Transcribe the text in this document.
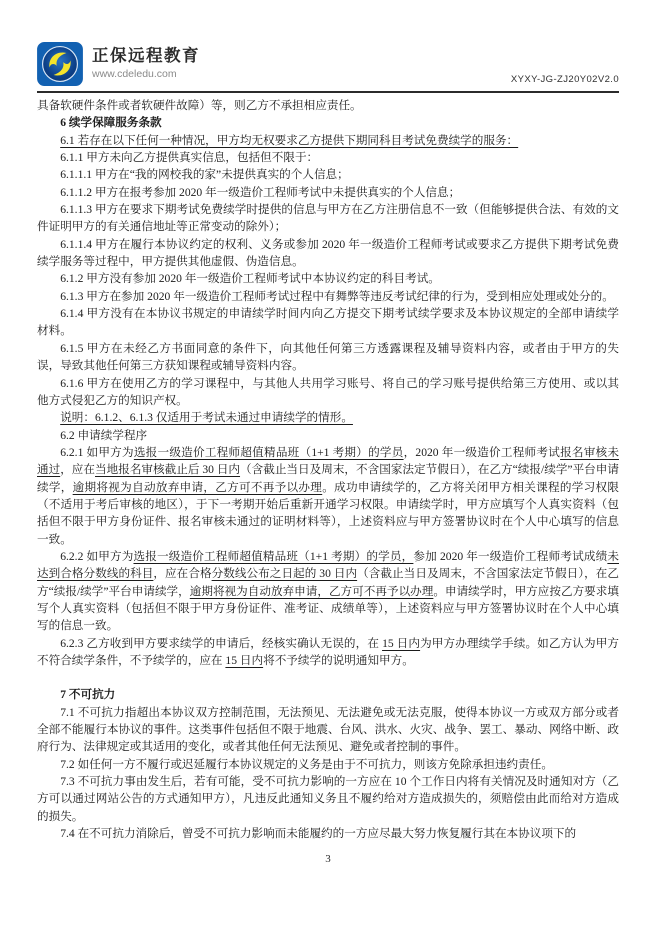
正保远程教育
www.cdeledu.com	XYXY-JG-ZJ20Y02V2.0

具备软硬件条件或者软硬件故障）等，则乙方不承担相应责任。

6 续学保障服务条款

6.1 若存在以下任何一种情况，甲方均无权要求乙方提供下期同科目考试免费续学的服务：

6.1.1 甲方未向乙方提供真实信息，包括但不限于：

6.1.1.1 甲方在“我的网校我的家”未提供真实的个人信息；

6.1.1.2 甲方在报考参加 2020 年一级造价工程师考试中未提供真实的个人信息；

6.1.1.3 甲方在要求下期考试免费续学时提供的信息与甲方在乙方注册信息不一致（但能够提供合法、有效的文件证明甲方的有关通信地址等正常变动的除外）；

6.1.1.4 甲方在履行本协议约定的权利、义务或参加 2020 年一级造价工程师考试或要求乙方提供下期考试免费续学服务等过程中，甲方提供其他虚假、伪造信息。

6.1.2 甲方没有参加 2020 年一级造价工程师考试中本协议约定的科目考试。

6.1.3 甲方在参加 2020 年一级造价工程师考试过程中有舞弊等违反考试纪律的行为，受到相应处理或处分的。

6.1.4 甲方没有在本协议书规定的申请续学时间内向乙方提交下期考试续学要求及本协议规定的全部申请续学材料。

6.1.5 甲方在未经乙方书面同意的条件下，向其他任何第三方透露课程及辅导资料内容，或者由于甲方的失误，导致其他任何第三方获知课程或辅导资料内容。

6.1.6 甲方在使用乙方的学习课程中，与其他人共用学习账号、将自己的学习账号提供给第三方使用、或以其他方式侵犯乙方的知识产权。

说明：6.1.2、6.1.3 仅适用于考试未通过申请续学的情形。

6.2 申请续学程序

6.2.1 如甲方为选报一级造价工程师超值精品班（1+1 考期）的学员，2020 年一级造价工程师考试报名审核未通过，应在当地报名审核截止后 30 日内（含截止当日及周末，不含国家法定节假日），在乙方“续报/续学”平台申请续学，逾期将视为自动放弃申请，乙方可不再予以办理。成功申请续学的，乙方将关闭甲方相关课程的学习权限（不适用于考后审核的地区），于下一考期开始后重新开通学习权限。申请续学时，甲方应填写个人真实资料（包括但不限于甲方身份证件、报名审核未通过的证明材料等），上述资料应与甲方签署协议时在个人中心填写的信息一致。

6.2.2 如甲方为选报一级造价工程师超值精品班（1+1 考期）的学员，参加 2020 年一级造价工程师考试成绩未达到合格分数线的科目，应在合格分数线公布之日起的 30 日内（含截止当日及周末，不含国家法定节假日），在乙方“续报/续学”平台申请续学，逾期将视为自动放弃申请，乙方可不再予以办理。申请续学时，甲方应按乙方要求填写个人真实资料（包括但不限于甲方身份证件、准考证、成绩单等），上述资料应与甲方签署协议时在个人中心填写的信息一致。

6.2.3 乙方收到甲方要求续学的申请后，经核实确认无误的，在 15 日内为甲方办理续学手续。如乙方认为甲方不符合续学条件，不予续学的，应在 15 日内将不予续学的说明通知甲方。

7 不可抗力

7.1 不可抗力指超出本协议双方控制范围，无法预见、无法避免或无法克服，使得本协议一方或双方部分或者全部不能履行本协议的事件。这类事件包括但不限于地震、台风、洪水、火灾、战争、罢工、暴动、网络中断、政府行为、法律规定或其适用的变化，或者其他任何无法预见、避免或者控制的事件。

7.2 如任何一方不履行或迟延履行本协议规定的义务是由于不可抗力，则该方免除承担违约责任。

7.3 不可抗力事由发生后，若有可能，受不可抗力影响的一方应在 10 个工作日内将有关情况及时通知对方（乙方可以通过网站公告的方式通知甲方），凡违反此通知义务且不履约给对方造成损失的，须赔偿由此而给对方造成的损失。

7.4 在不可抗力消除后，曾受不可抗力影响而未能履约的一方应尽最大努力恢复履行其在本协议项下的

3
